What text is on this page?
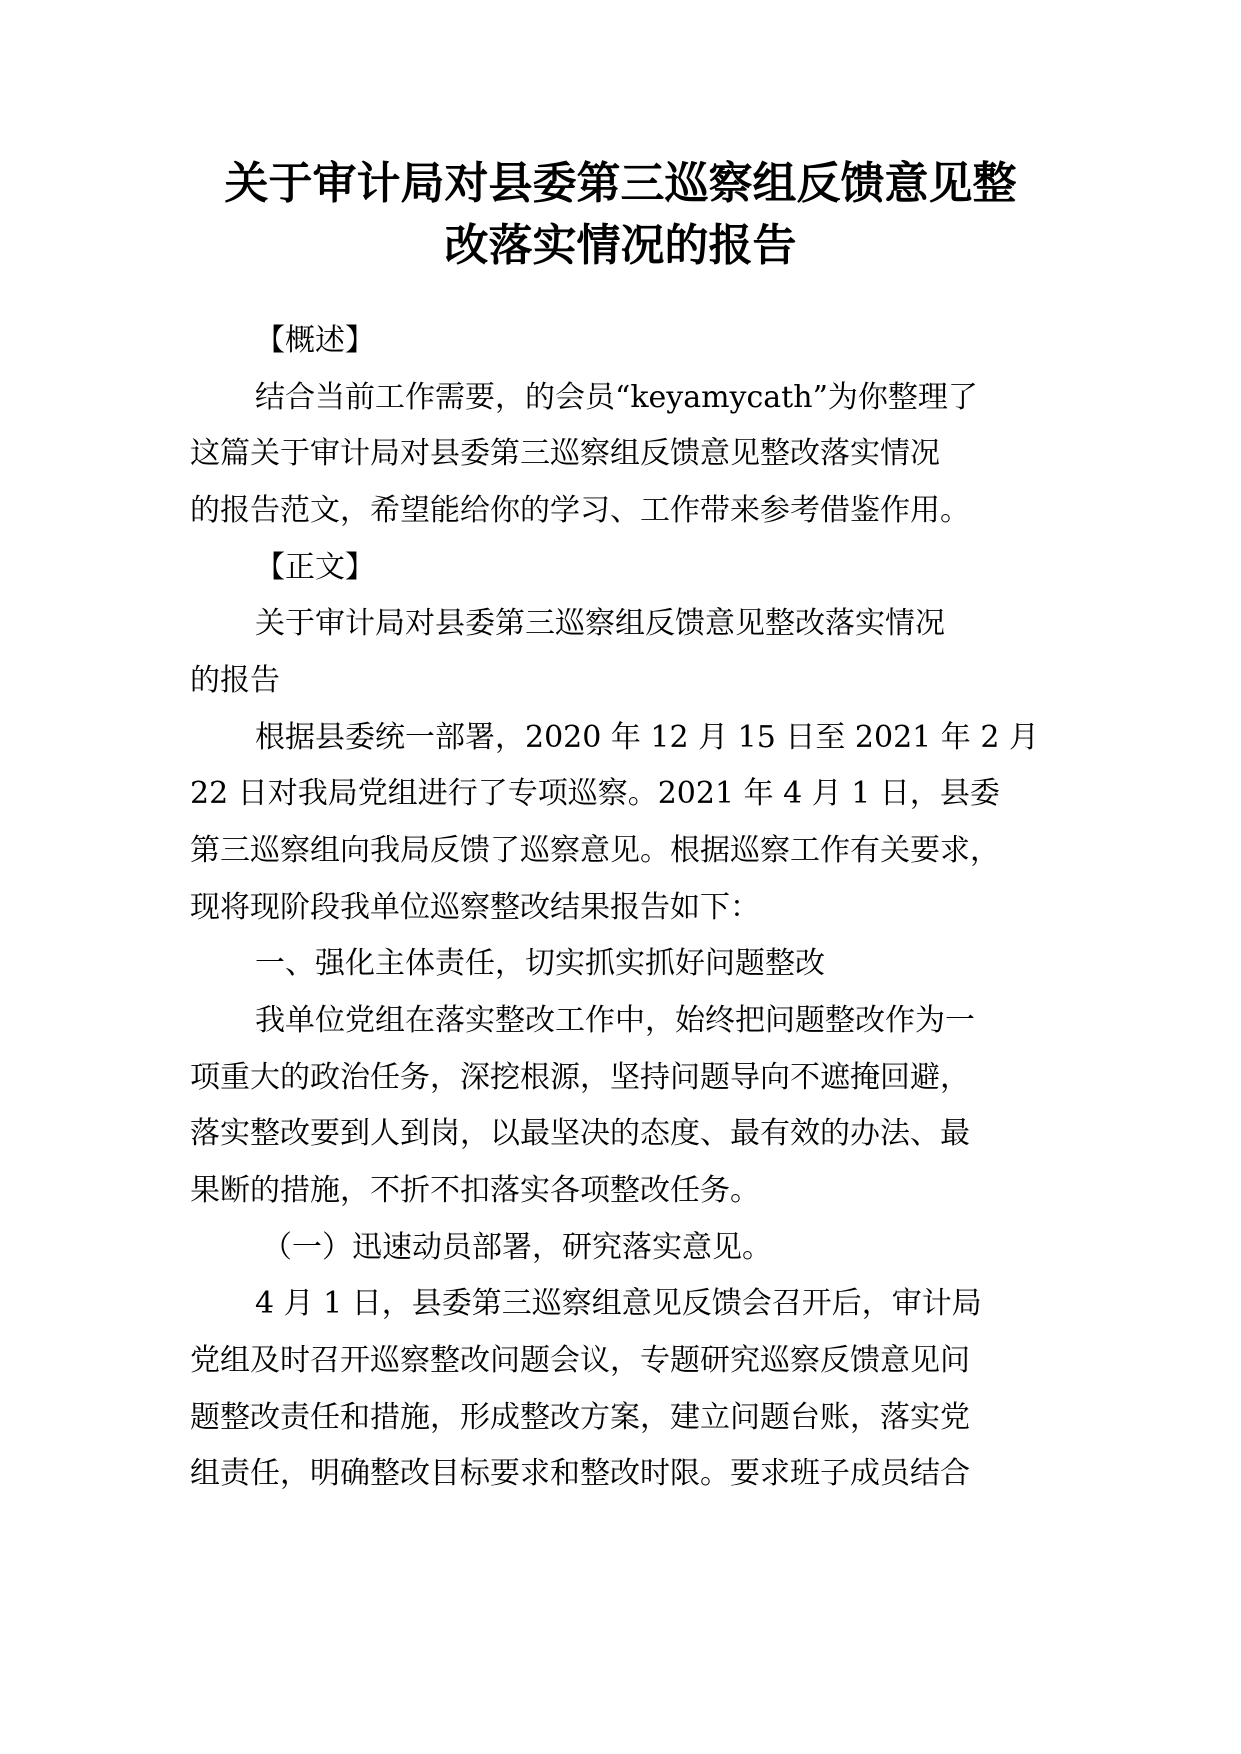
关于审计局对县委第三巡察组反馈意见整
改落实情况的报告

【概述】

结合当前工作需要，的会员“keyamycath”为你整理了

这篇关于审计局对县委第三巡察组反馈意见整改落实情况

的报告范文，希望能给你的学习、工作带来参考借鉴作用。

【正文】

关于审计局对县委第三巡察组反馈意见整改落实情况

的报告

根据县委统一部署，2020 年 12 月 15 日至 2021 年 2 月

22 日对我局党组进行了专项巡察。2021 年 4 月 1 日，县委

第三巡察组向我局反馈了巡察意见。根据巡察工作有关要求，

现将现阶段我单位巡察整改结果报告如下：

一、强化主体责任，切实抓实抓好问题整改

我单位党组在落实整改工作中，始终把问题整改作为一

项重大的政治任务，深挖根源，坚持问题导向不遮掩回避，

落实整改要到人到岗，以最坚决的态度、最有效的办法、最

果断的措施，不折不扣落实各项整改任务。

（一）迅速动员部署，研究落实意见。

4 月 1 日，县委第三巡察组意见反馈会召开后，审计局

党组及时召开巡察整改问题会议，专题研究巡察反馈意见问

题整改责任和措施，形成整改方案，建立问题台账，落实党

组责任，明确整改目标要求和整改时限。要求班子成员结合
